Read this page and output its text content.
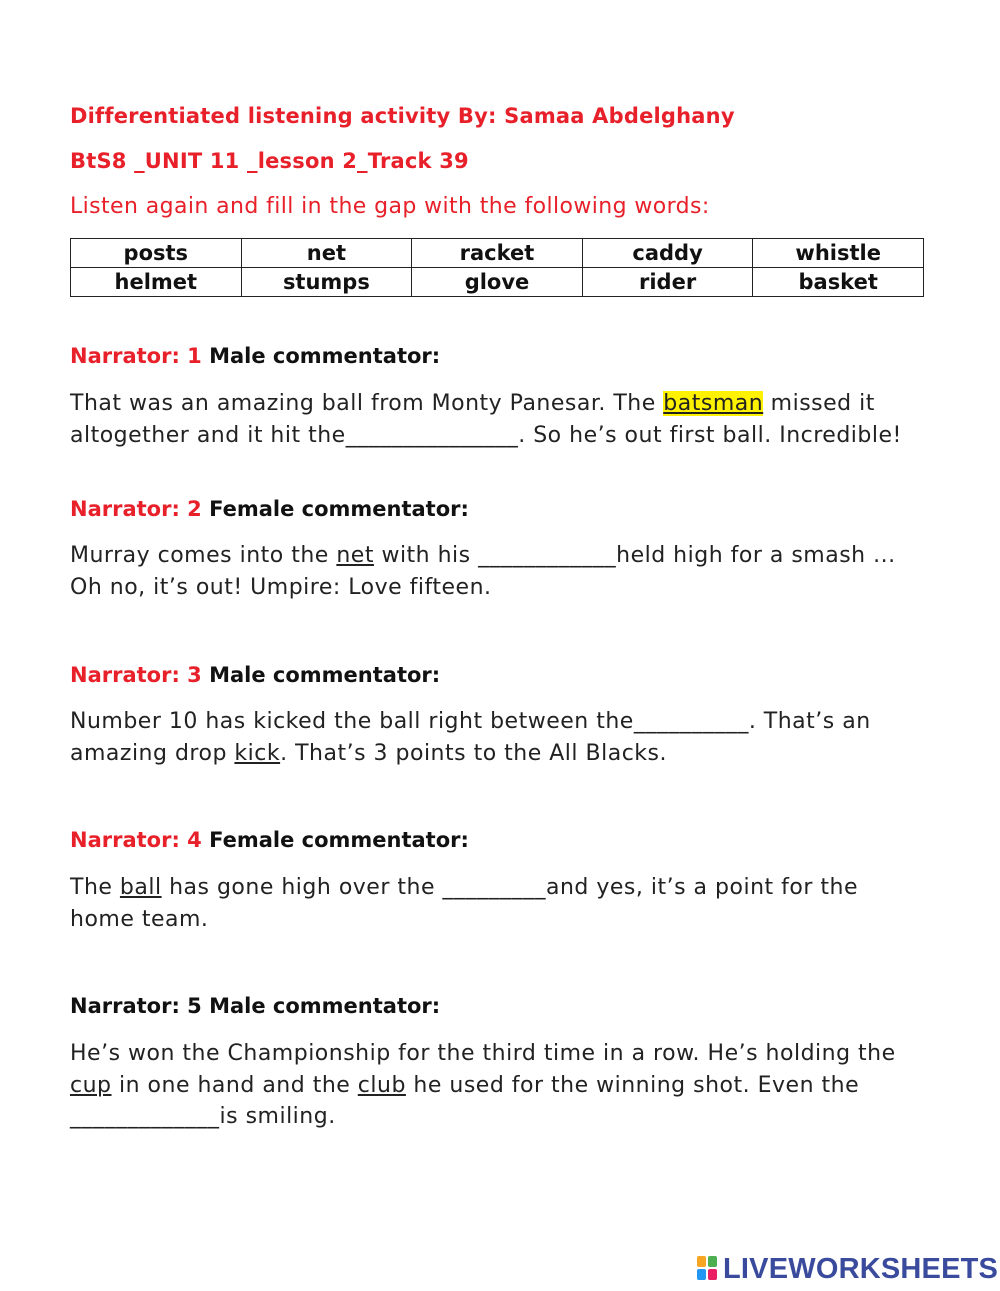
Differentiated listening activity By: Samaa Abdelghany
BtS8 _UNIT 11 _lesson 2_Track 39
Listen again and fill in the gap with the following words:
posts	net	racket	caddy	whistle
helmet	stumps	glove	rider	basket
Narrator: 1 Male commentator:
That was an amazing ball from Monty Panesar. The batsman missed it altogether and it hit the_______________. So he’s out first ball. Incredible!
Narrator: 2 Female commentator:
Murray comes into the net with his ____________held high for a smash ... Oh no, it’s out! Umpire: Love fifteen.
Narrator: 3 Male commentator:
Number 10 has kicked the ball right between the__________. That’s an amazing drop kick. That’s 3 points to the All Blacks.
Narrator: 4 Female commentator:
The ball has gone high over the _________and yes, it’s a point for the home team.
Narrator: 5 Male commentator:
He’s won the Championship for the third time in a row. He’s holding the cup in one hand and the club he used for the winning shot. Even the _____________is smiling.
LIVEWORKSHEETS
